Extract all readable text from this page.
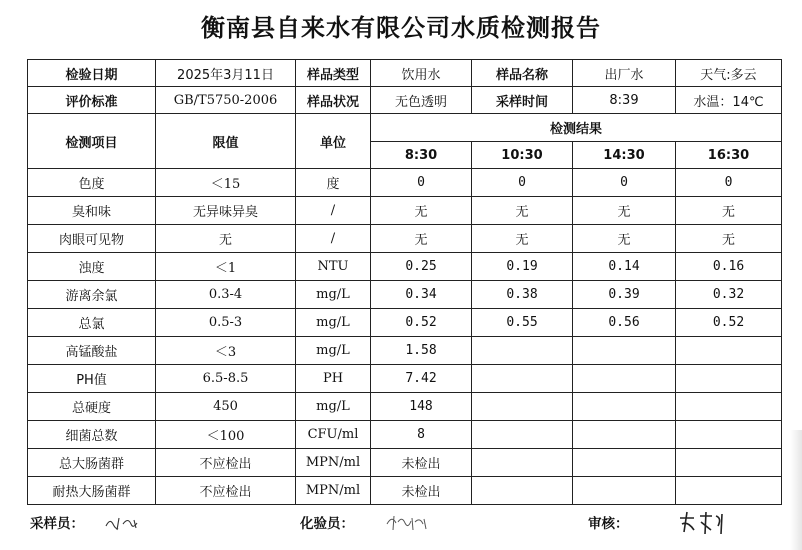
衡南县自来水有限公司水质检测报告
检验日期	2025年3月11日	样品类型	饮用水	样品名称	出厂水	天气:多云
评价标准	GB/T5750-2006	样品状况	无色透明	采样时间	8:39	水温：14℃
检测项目	限值	单位	检测结果			
			8:30	10:30	14:30	16:30
色度	＜15	度	0	0	0	0
臭和味	无异味异臭	/	无	无	无	无
肉眼可见物	无	/	无	无	无	无
浊度	＜1	NTU	0.25	0.19	0.14	0.16
游离余氯	0.3-4	mg/L	0.34	0.38	0.39	0.32
总氯	0.5-3	mg/L	0.52	0.55	0.56	0.52
高锰酸盐	＜3	mg/L	1.58			
PH值	6.5-8.5	PH	7.42			
总硬度	450	mg/L	148			
细菌总数	＜100	CFU/ml	8			
总大肠菌群	不应检出	MPN/ml	未检出			
耐热大肠菌群	不应检出	MPN/ml	未检出			
采样员：	化验员：	审核：
